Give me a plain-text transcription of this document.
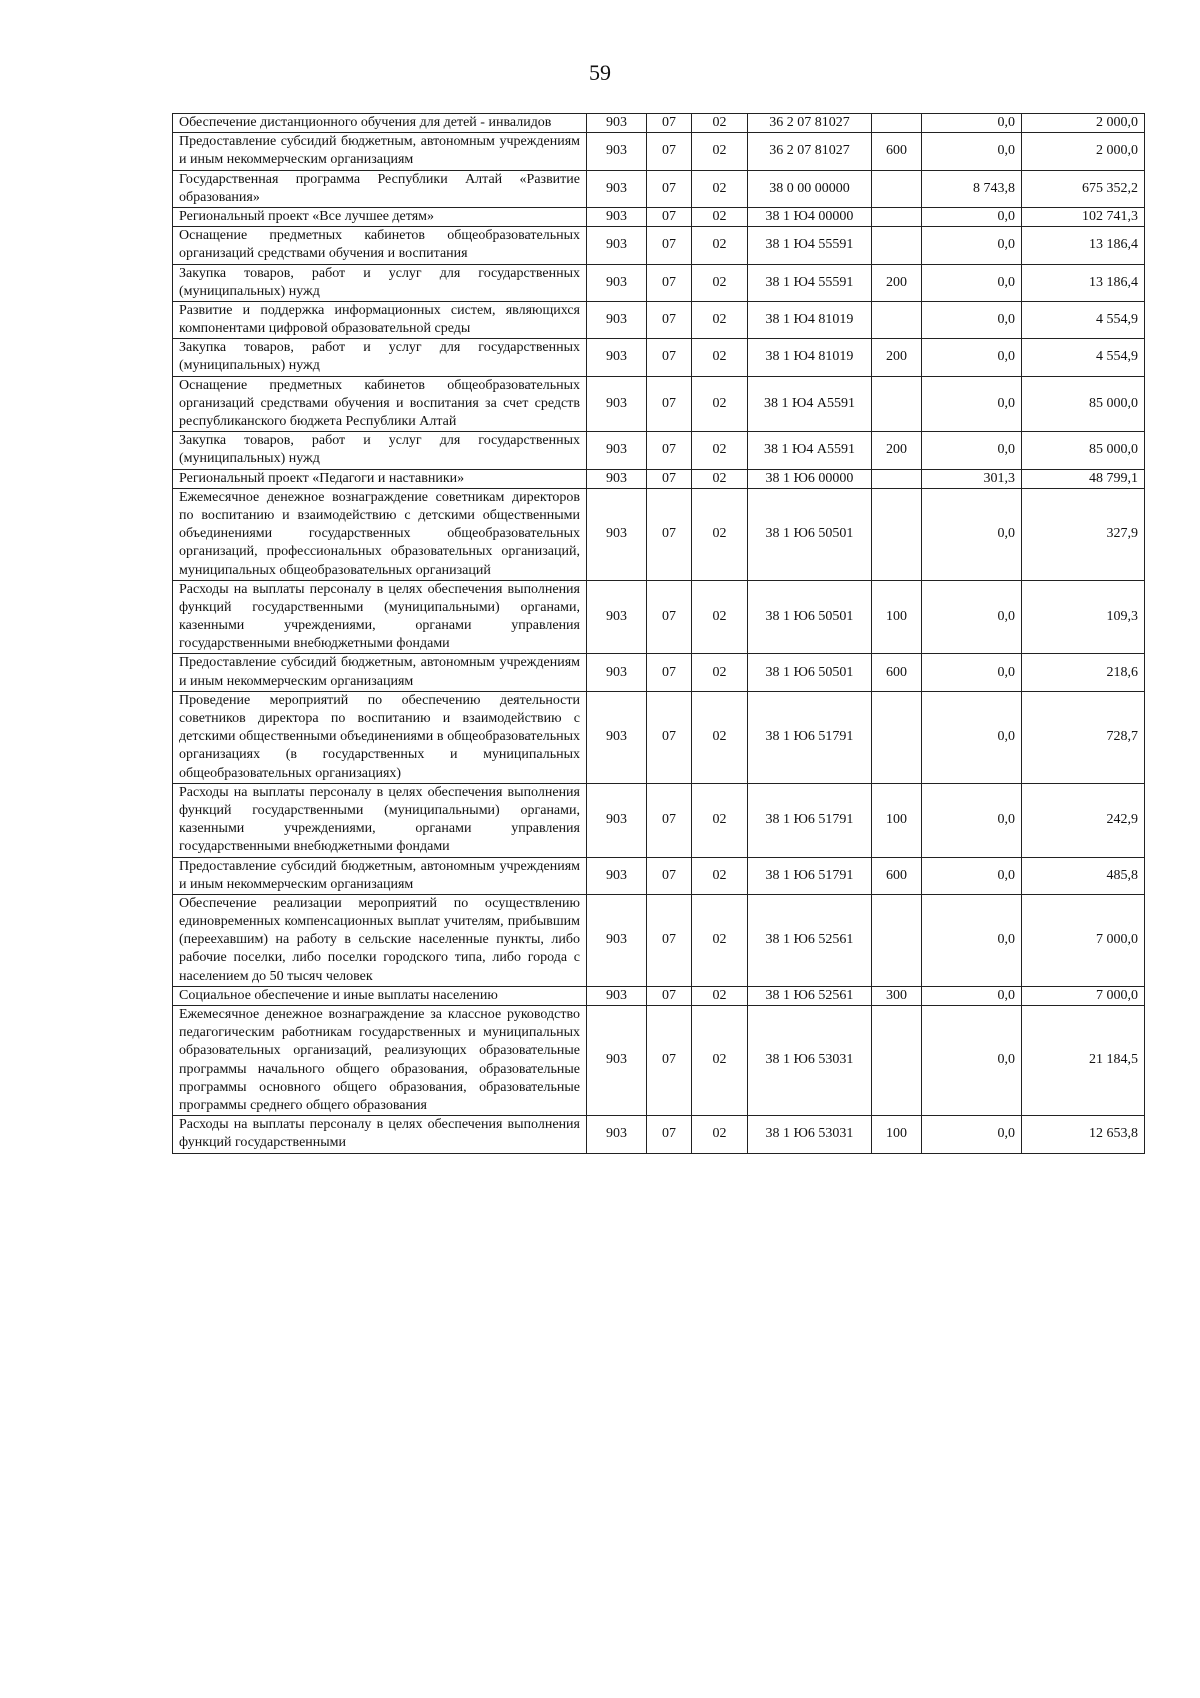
59
Обеспечение дистанционного обучения для детей - инвалидов	903	07	02	36 2 07 81027		0,0	2 000,0
Предоставление субсидий бюджетным, автономным учреждениям и иным некоммерческим организациям	903	07	02	36 2 07 81027	600	0,0	2 000,0
Государственная программа Республики Алтай «Развитие образования»	903	07	02	38 0 00 00000		8 743,8	675 352,2
Региональный проект «Все лучшее детям»	903	07	02	38 1 Ю4 00000		0,0	102 741,3
Оснащение предметных кабинетов общеобразовательных организаций средствами обучения и воспитания	903	07	02	38 1 Ю4 55591		0,0	13 186,4
Закупка товаров, работ и услуг для государственных (муниципальных) нужд	903	07	02	38 1 Ю4 55591	200	0,0	13 186,4
Развитие и поддержка информационных систем, являющихся компонентами цифровой образовательной среды	903	07	02	38 1 Ю4 81019		0,0	4 554,9
Закупка товаров, работ и услуг для государственных (муниципальных) нужд	903	07	02	38 1 Ю4 81019	200	0,0	4 554,9
Оснащение предметных кабинетов общеобразовательных организаций средствами обучения и воспитания за счет средств республиканского бюджета Республики Алтай	903	07	02	38 1 Ю4 А5591		0,0	85 000,0
Закупка товаров, работ и услуг для государственных (муниципальных) нужд	903	07	02	38 1 Ю4 А5591	200	0,0	85 000,0
Региональный проект «Педагоги и наставники»	903	07	02	38 1 Ю6 00000		301,3	48 799,1
Ежемесячное денежное вознаграждение советникам директоров по воспитанию и взаимодействию с детскими общественными объединениями государственных общеобразовательных организаций, профессиональных образовательных организаций, муниципальных общеобразовательных организаций	903	07	02	38 1 Ю6 50501		0,0	327,9
Расходы на выплаты персоналу в целях обеспечения выполнения функций государственными (муниципальными) органами, казенными учреждениями, органами управления государственными внебюджетными фондами	903	07	02	38 1 Ю6 50501	100	0,0	109,3
Предоставление субсидий бюджетным, автономным учреждениям и иным некоммерческим организациям	903	07	02	38 1 Ю6 50501	600	0,0	218,6
Проведение мероприятий по обеспечению деятельности советников директора по воспитанию и взаимодействию с детскими общественными объединениями в общеобразовательных организациях (в государственных и муниципальных общеобразовательных организациях)	903	07	02	38 1 Ю6 51791		0,0	728,7
Расходы на выплаты персоналу в целях обеспечения выполнения функций государственными (муниципальными) органами, казенными учреждениями, органами управления государственными внебюджетными фондами	903	07	02	38 1 Ю6 51791	100	0,0	242,9
Предоставление субсидий бюджетным, автономным учреждениям и иным некоммерческим организациям	903	07	02	38 1 Ю6 51791	600	0,0	485,8
Обеспечение реализации мероприятий по осуществлению единовременных компенсационных выплат учителям, прибывшим (переехавшим) на работу в сельские населенные пункты, либо рабочие поселки, либо поселки городского типа, либо города с населением до 50 тысяч человек	903	07	02	38 1 Ю6 52561		0,0	7 000,0
Социальное обеспечение и иные выплаты населению	903	07	02	38 1 Ю6 52561	300	0,0	7 000,0
Ежемесячное денежное вознаграждение за классное руководство педагогическим работникам государственных и муниципальных образовательных организаций, реализующих образовательные программы начального общего образования, образовательные программы основного общего образования, образовательные программы среднего общего образования	903	07	02	38 1 Ю6 53031		0,0	21 184,5
Расходы на выплаты персоналу в целях обеспечения выполнения функций государственными	903	07	02	38 1 Ю6 53031	100	0,0	12 653,8
